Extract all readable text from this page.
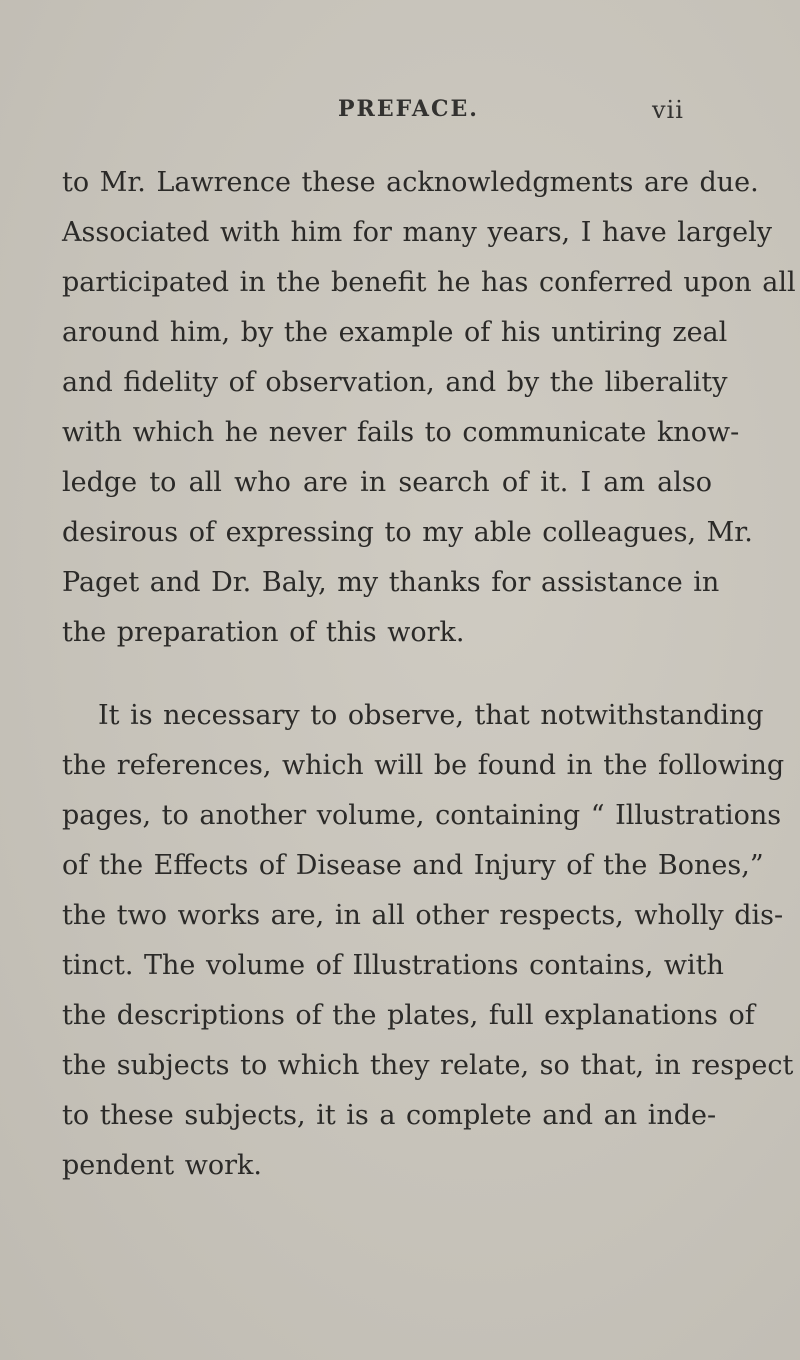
PREFACE.	vii
to Mr. Lawrence these acknowledgments are due.
Associated with him for many years, I have largely
participated in the benefit he has conferred upon all
around him, by the example of his untiring zeal
and fidelity of observation, and by the liberality
with which he never fails to communicate know-
ledge to all who are in search of it. I am also
desirous of expressing to my able colleagues, Mr.
Paget and Dr. Baly, my thanks for assistance in
the preparation of this work.
It is necessary to observe, that notwithstanding
the references, which will be found in the following
pages, to another volume, containing “ Illustrations
of the Effects of Disease and Injury of the Bones,”
the two works are, in all other respects, wholly dis-
tinct. The volume of Illustrations contains, with
the descriptions of the plates, full explanations of
the subjects to which they relate, so that, in respect
to these subjects, it is a complete and an inde-
pendent work.
